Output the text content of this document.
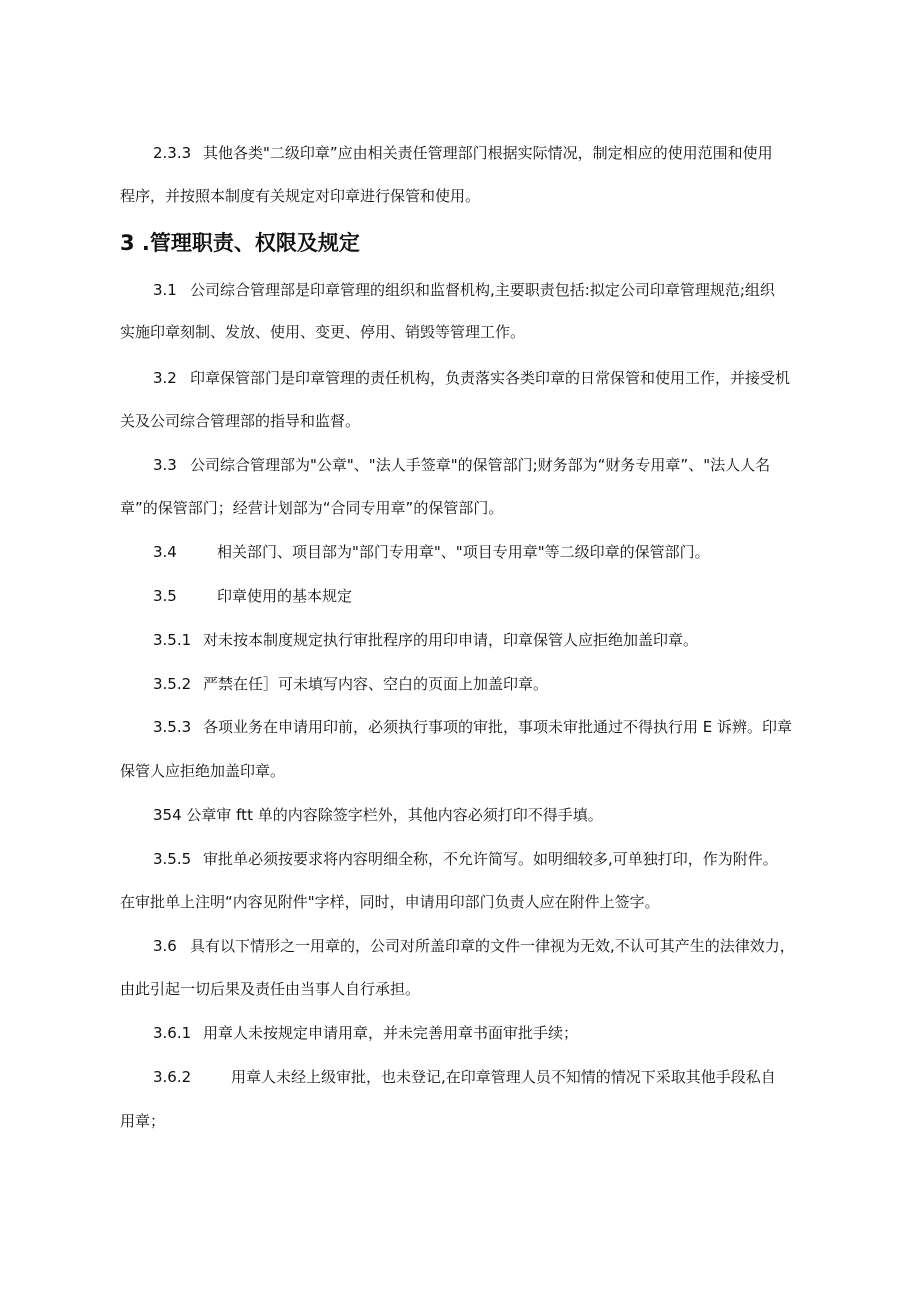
2.3.3 其他各类"二级印章”应由相关责任管理部门根据实际情况，制定相应的使用范围和使用
程序，并按照本制度有关规定对印章进行保管和使用。
3 .管理职责、权限及规定
3.1 公司综合管理部是印章管理的组织和监督机构,主要职责包括:拟定公司印章管理规范;组织
实施印章刻制、发放、使用、变更、停用、销毁等管理工作。
3.2 印章保管部门是印章管理的责任机构，负责落实各类印章的日常保管和使用工作，并接受机
关及公司综合管理部的指导和监督。
3.3 公司综合管理部为"公章"、"法人手签章"的保管部门;财务部为“财务专用章”、"法人人名
章”的保管部门；经营计划部为“合同专用章”的保管部门。
3.4	相关部门、项目部为"部门专用章"、"项目专用章"等二级印章的保管部门。
3.5	印章使用的基本规定
3.5.1 对未按本制度规定执行审批程序的用印申请，印章保管人应拒绝加盖印章。
3.5.2 严禁在任］可未填写内容、空白的页面上加盖印章。
3.5.3 各项业务在申请用印前，必须执行事项的审批，事项未审批通过不得执行用 E 诉辨。印章
保管人应拒绝加盖印章。
354 公章审 ftt 单的内容除签字栏外，其他内容必须打印不得手填。
3.5.5 审批单必须按要求将内容明细全称，不允许简写。如明细较多,可单独打印，作为附件。
在审批单上注明“内容见附件"字样，同时，申请用印部门负责人应在附件上签字。
3.6 具有以下情形之一用章的，公司对所盖印章的文件一律视为无效,不认可其产生的法律效力，
由此引起一切后果及责任由当事人自行承担。
3.6.1 用章人未按规定申请用章，并未完善用章书面审批手续；
3.6.2	用章人未经上级审批，也未登记,在印章管理人员不知情的情况下采取其他手段私自
用章；
